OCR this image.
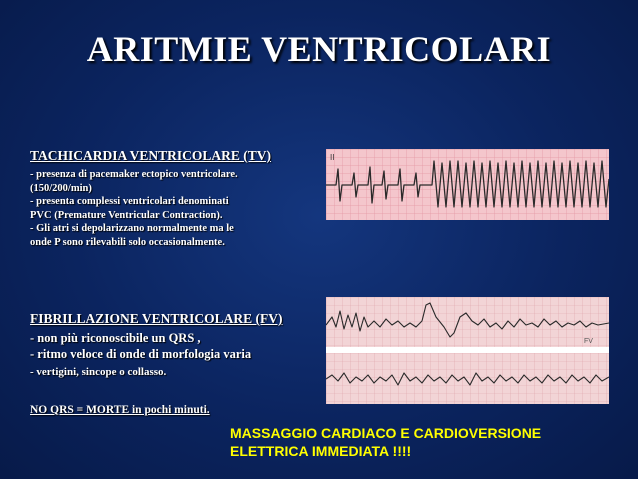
ARITMIE VENTRICOLARI
TACHICARDIA VENTRICOLARE (TV)
- presenza di pacemaker ectopico ventricolare.
(150/200/min)
- presenta complessi ventricolari denominati
PVC (Premature Ventricular Contraction).
- Gli atri si depolarizzano normalmente ma le
onde P sono rilevabili solo occasionalmente.
II
FIBRILLAZIONE VENTRICOLARE (FV)
- non più riconoscibile un QRS ,
- ritmo veloce di onde di morfologia varia
- vertigini, sincope o collasso.
NO QRS = MORTE in pochi minuti.
FV
MASSAGGIO CARDIACO E CARDIOVERSIONE
ELETTRICA IMMEDIATA !!!!
